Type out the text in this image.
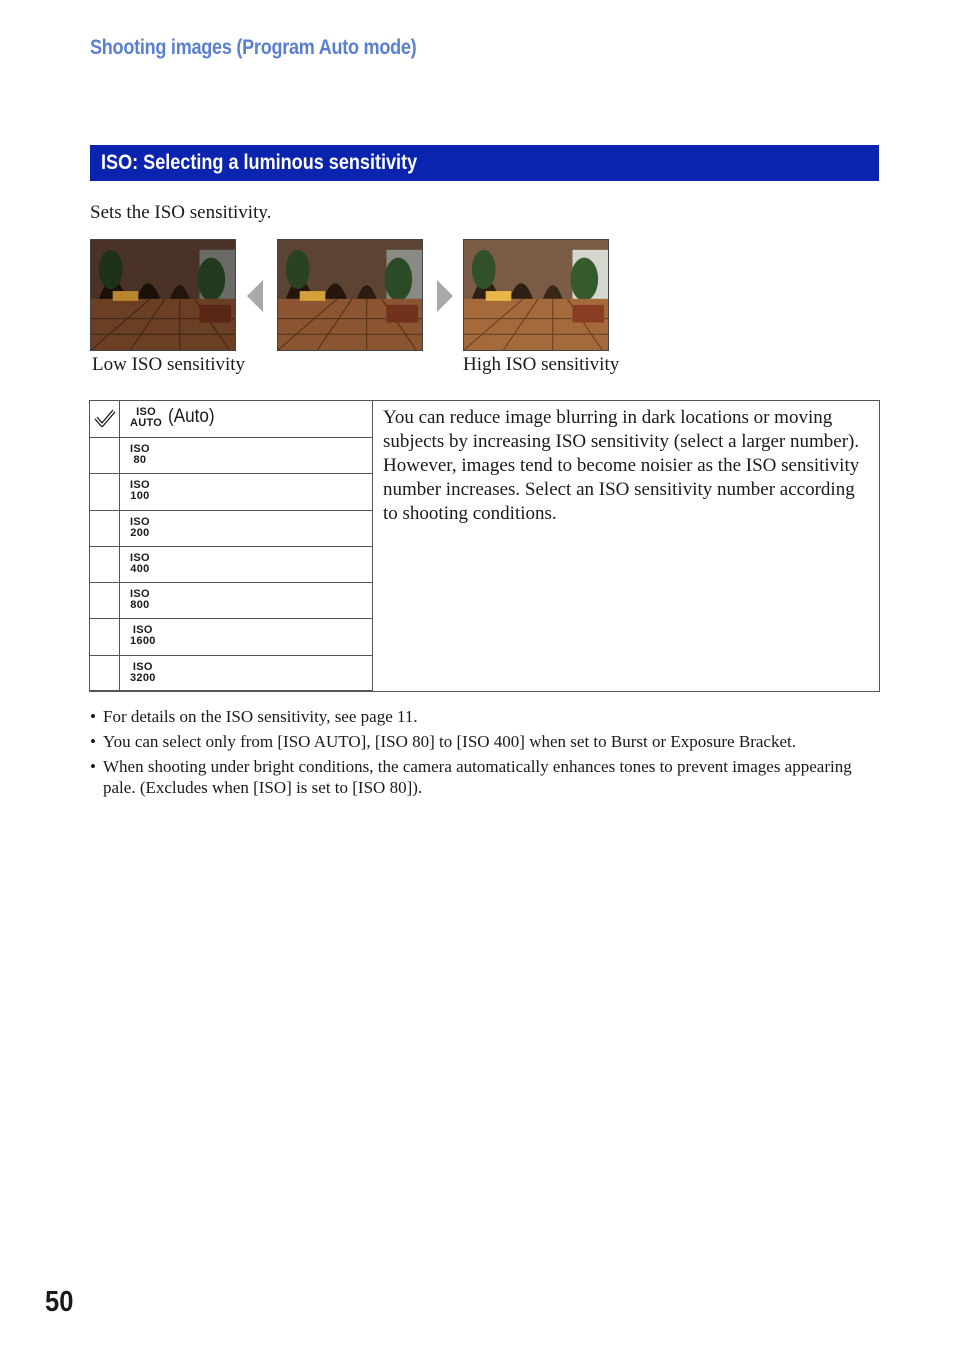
Shooting images (Program Auto mode)
ISO: Selecting a luminous sensitivity
Sets the ISO sensitivity.
Low ISO sensitivity	High ISO sensitivity
ISO
AUTO (Auto)
ISO
80
ISO
100
ISO
200
ISO
400
ISO
800
ISO
1600
ISO
3200
You can reduce image blurring in dark locations or moving subjects by increasing ISO sensitivity (select a larger number). However, images tend to become noisier as the ISO sensitivity number increases. Select an ISO sensitivity number according to shooting conditions.
• For details on the ISO sensitivity, see page 11.
• You can select only from [ISO AUTO], [ISO 80] to [ISO 400] when set to Burst or Exposure Bracket.
• When shooting under bright conditions, the camera automatically enhances tones to prevent images appearing pale. (Excludes when [ISO] is set to [ISO 80]).
50
